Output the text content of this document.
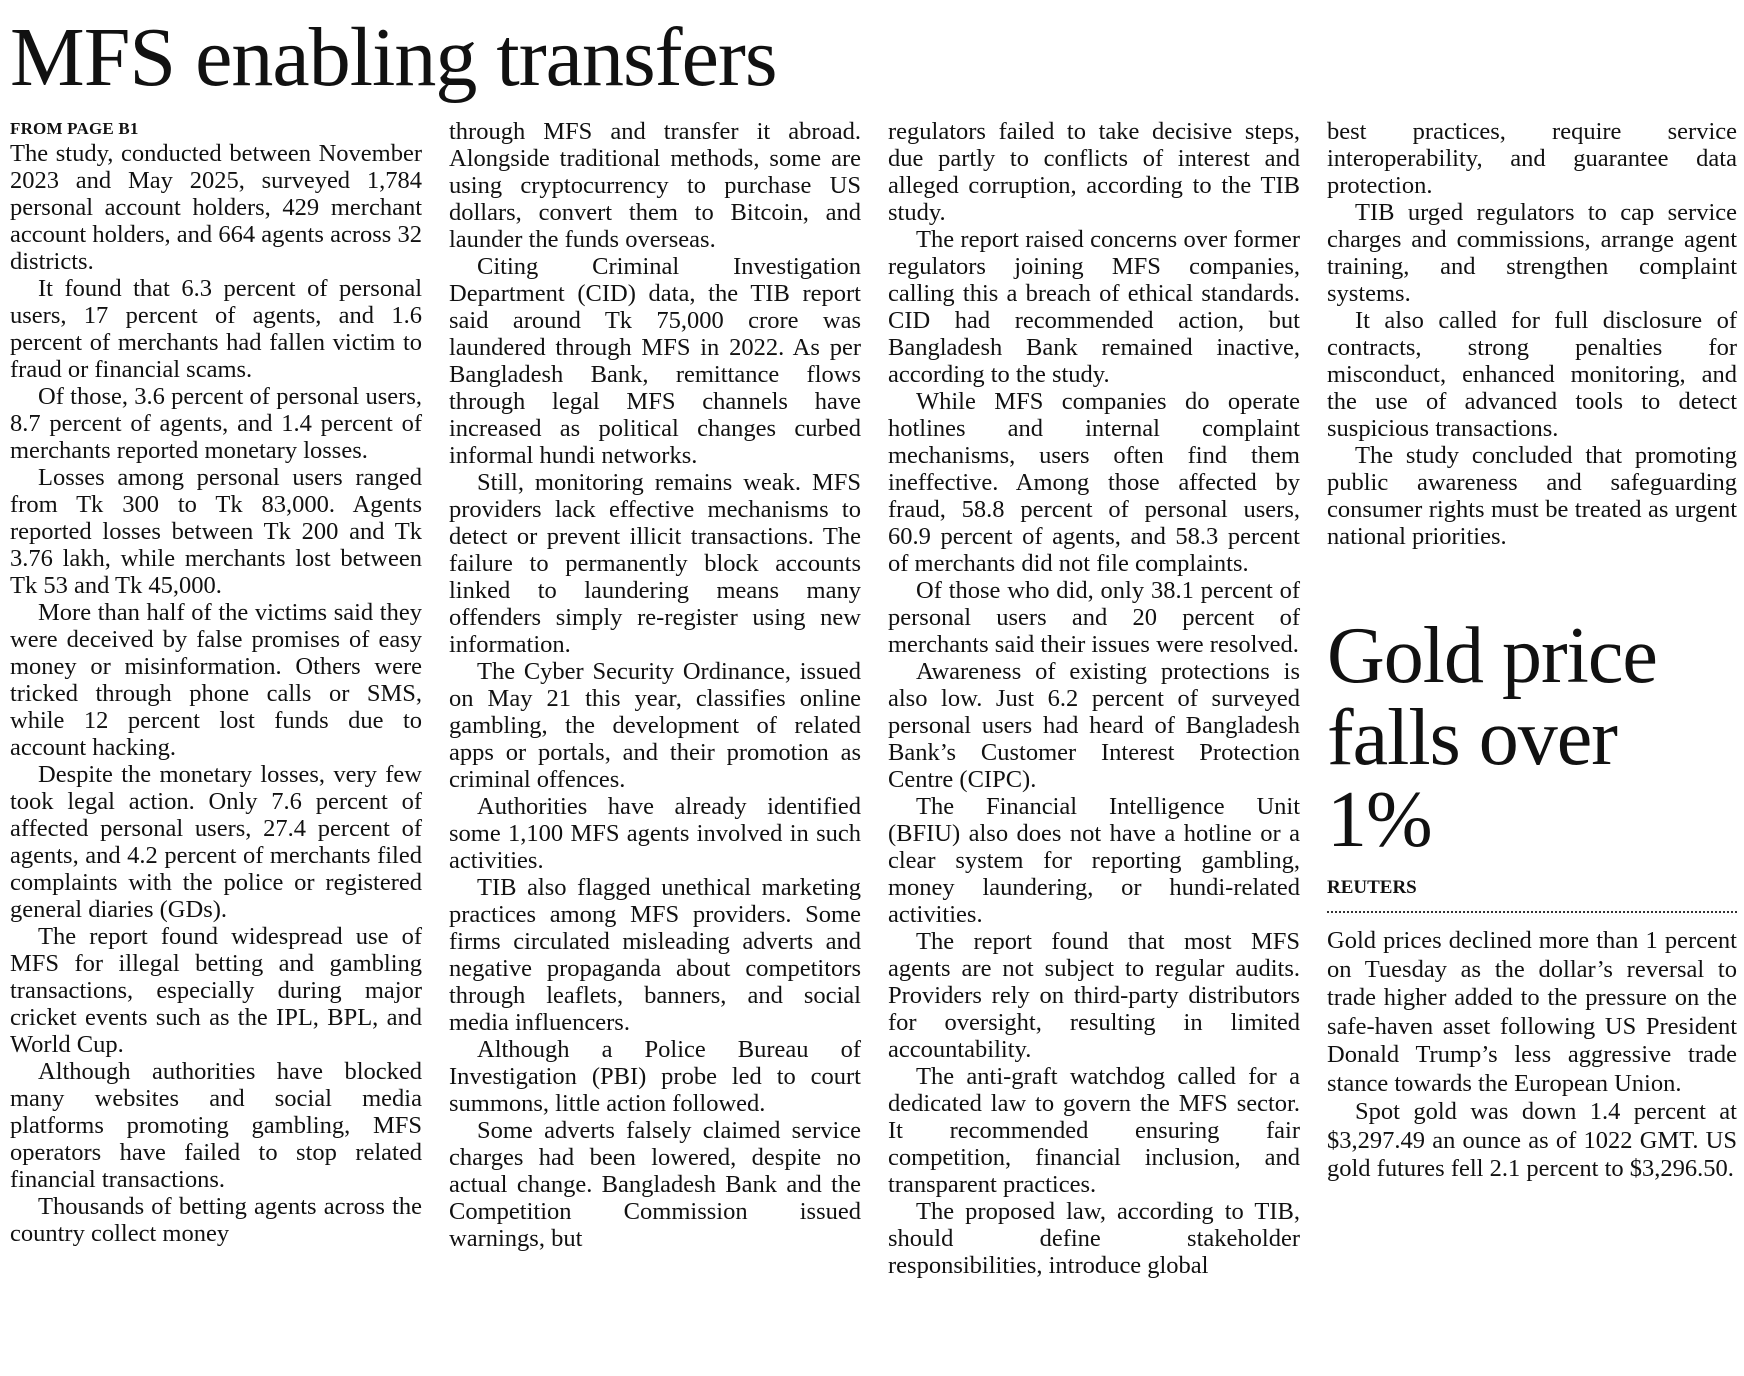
MFS enabling transfers
FROM PAGE B1

The study, conducted between November 2023 and May 2025, surveyed 1,784 personal account holders, 429 merchant account holders, and 664 agents across 32 districts.

It found that 6.3 percent of personal users, 17 percent of agents, and 1.6 percent of merchants had fallen victim to fraud or financial scams.

Of those, 3.6 percent of personal users, 8.7 percent of agents, and 1.4 percent of merchants reported monetary losses.

Losses among personal users ranged from Tk 300 to Tk 83,000. Agents reported losses between Tk 200 and Tk 3.76 lakh, while merchants lost between Tk 53 and Tk 45,000.

More than half of the victims said they were deceived by false promises of easy money or misinformation. Others were tricked through phone calls or SMS, while 12 percent lost funds due to account hacking.

Despite the monetary losses, very few took legal action. Only 7.6 percent of affected personal users, 27.4 percent of agents, and 4.2 percent of merchants filed complaints with the police or registered general diaries (GDs).

The report found widespread use of MFS for illegal betting and gambling transactions, especially during major cricket events such as the IPL, BPL, and World Cup.

Although authorities have blocked many websites and social media platforms promoting gambling, MFS operators have failed to stop related financial transactions.

Thousands of betting agents across the country collect money

through MFS and transfer it abroad. Alongside traditional methods, some are using cryptocurrency to purchase US dollars, convert them to Bitcoin, and launder the funds overseas.

Citing Criminal Investigation Department (CID) data, the TIB report said around Tk 75,000 crore was laundered through MFS in 2022. As per Bangladesh Bank, remittance flows through legal MFS channels have increased as political changes curbed informal hundi networks.

Still, monitoring remains weak. MFS providers lack effective mechanisms to detect or prevent illicit transactions. The failure to permanently block accounts linked to laundering means many offenders simply re-register using new information.

The Cyber Security Ordinance, issued on May 21 this year, classifies online gambling, the development of related apps or portals, and their promotion as criminal offences.

Authorities have already identified some 1,100 MFS agents involved in such activities.

TIB also flagged unethical marketing practices among MFS providers. Some firms circulated misleading adverts and negative propaganda about competitors through leaflets, banners, and social media influencers.

Although a Police Bureau of Investigation (PBI) probe led to court summons, little action followed.

Some adverts falsely claimed service charges had been lowered, despite no actual change. Bangladesh Bank and the Competition Commission issued warnings, but

regulators failed to take decisive steps, due partly to conflicts of interest and alleged corruption, according to the TIB study.

The report raised concerns over former regulators joining MFS companies, calling this a breach of ethical standards. CID had recommended action, but Bangladesh Bank remained inactive, according to the study.

While MFS companies do operate hotlines and internal complaint mechanisms, users often find them ineffective. Among those affected by fraud, 58.8 percent of personal users, 60.9 percent of agents, and 58.3 percent of merchants did not file complaints.

Of those who did, only 38.1 percent of personal users and 20 percent of merchants said their issues were resolved.

Awareness of existing protections is also low. Just 6.2 percent of surveyed personal users had heard of Bangladesh Bank’s Customer Interest Protection Centre (CIPC).

The Financial Intelligence Unit (BFIU) also does not have a hotline or a clear system for reporting gambling, money laundering, or hundi-related activities.

The report found that most MFS agents are not subject to regular audits. Providers rely on third-party distributors for oversight, resulting in limited accountability.

The anti-graft watchdog called for a dedicated law to govern the MFS sector. It recommended ensuring fair competition, financial inclusion, and transparent practices.

The proposed law, according to TIB, should define stakeholder responsibilities, introduce global

best practices, require service interoperability, and guarantee data protection.

TIB urged regulators to cap service charges and commissions, arrange agent training, and strengthen complaint systems.

It also called for full disclosure of contracts, strong penalties for misconduct, enhanced monitoring, and the use of advanced tools to detect suspicious transactions.

The study concluded that promoting public awareness and safeguarding consumer rights must be treated as urgent national priorities.

Gold price
falls over 1%
REUTERS

Gold prices declined more than 1 percent on Tuesday as the dollar’s reversal to trade higher added to the pressure on the safe-haven asset following US President Donald Trump’s less aggressive trade stance towards the European Union.

Spot gold was down 1.4 percent at $3,297.49 an ounce as of 1022 GMT. US gold futures fell 2.1 percent to $3,296.50.
